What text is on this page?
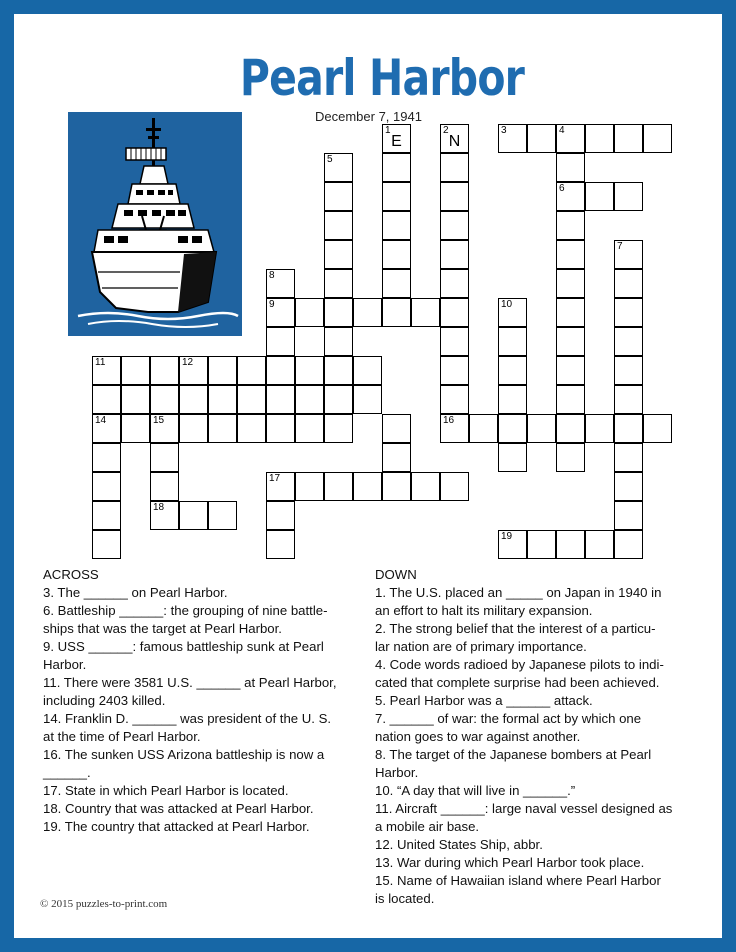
Pearl Harbor
December 7, 1941
1
E
2
N
3	4
5
6
7
8
9	10
11	12
14	15	16
17
18
19
ACROSS
3. The ______ on Pearl Harbor.
6. Battleship ______: the grouping of nine battle-
ships that was the target at Pearl Harbor.
9. USS ______: famous battleship sunk at Pearl
Harbor.
11. There were 3581 U.S. ______ at Pearl Harbor,
including 2403 killed.
14. Franklin D. ______ was president of the U. S.
at the time of Pearl Harbor.
16. The sunken USS Arizona battleship is now a
______.
17. State in which Pearl Harbor is located.
18. Country that was attacked at Pearl Harbor.
19. The country that attacked at Pearl Harbor.
DOWN
1. The U.S. placed an _____ on Japan in 1940 in
an effort to halt its military expansion.
2. The strong belief that the interest of a particu-
lar nation are of primary importance.
4. Code words radioed by Japanese pilots to indi-
cated that complete surprise had been achieved.
5. Pearl Harbor was a ______ attack.
7. ______ of war: the formal act by which one
nation goes to war against another.
8. The target of the Japanese bombers at Pearl
Harbor.
10. “A day that will live in ______.”
11. Aircraft ______: large naval vessel designed as
a mobile air base.
12. United States Ship, abbr.
13. War during which Pearl Harbor took place.
15. Name of Hawaiian island where Pearl Harbor
is located.
© 2015 puzzles-to-print.com
